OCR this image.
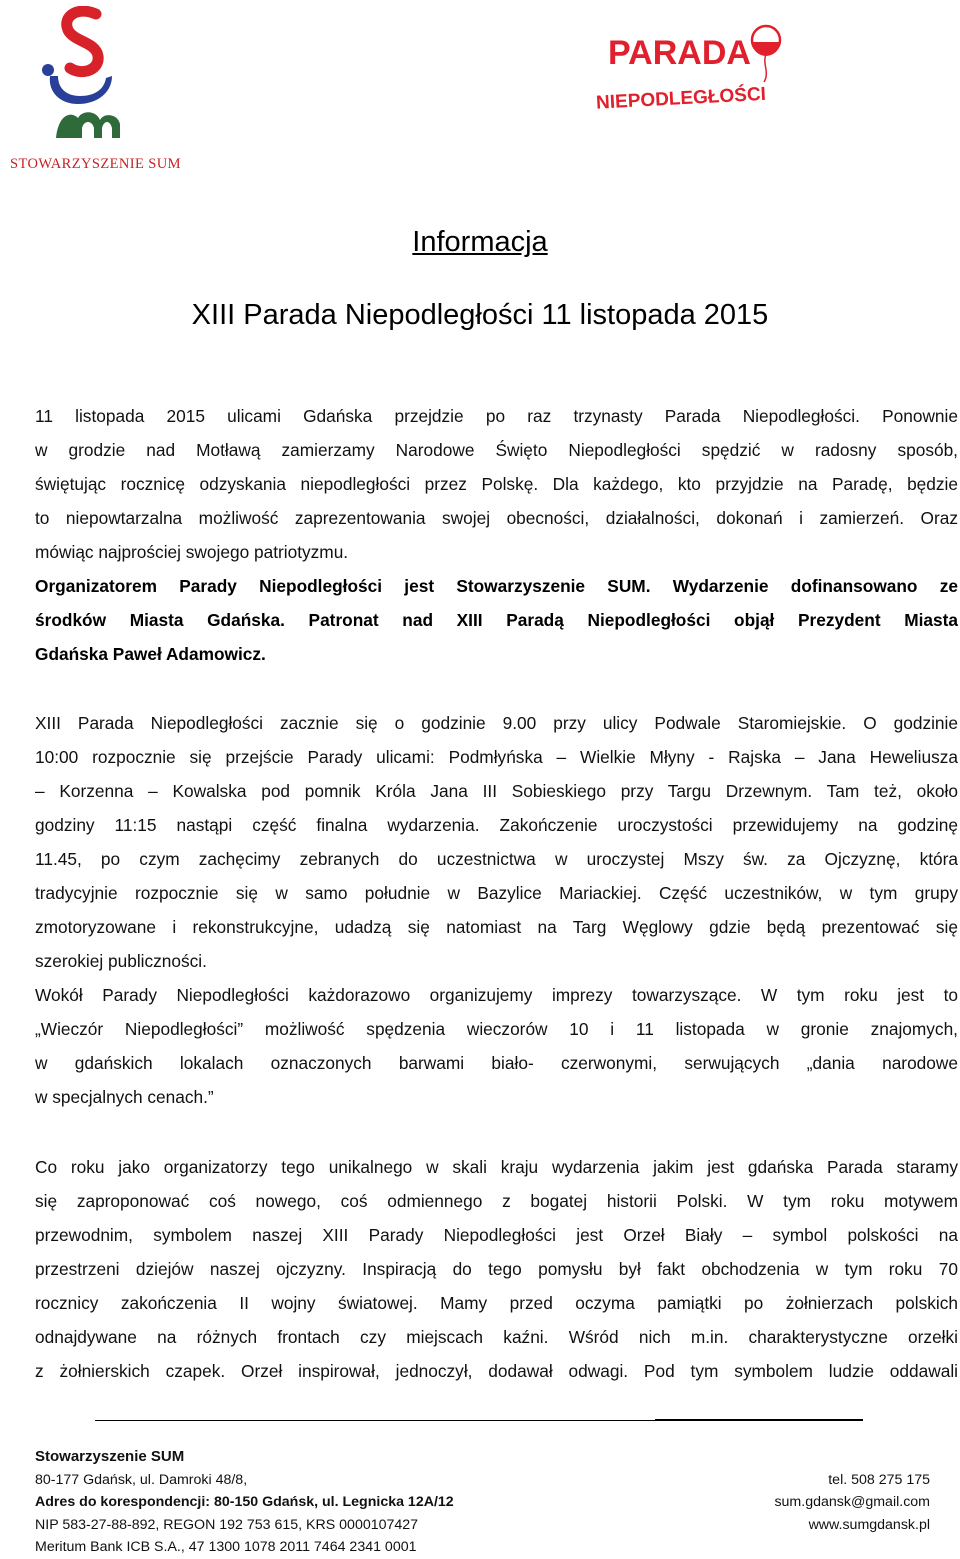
STOWARZYSZENIE SUM
PARADA
NIEPODLEGŁOŚCI
Informacja
XIII Parada Niepodległości 11 listopada 2015
11 listopada 2015 ulicami Gdańska przejdzie po raz trzynasty Parada Niepodległości. Ponownie
w grodzie nad Motławą zamierzamy Narodowe Święto Niepodległości spędzić w radosny sposób,
świętując rocznicę odzyskania niepodległości przez Polskę. Dla każdego, kto przyjdzie na Paradę, będzie
to niepowtarzalna możliwość zaprezentowania swojej obecności, działalności, dokonań i zamierzeń. Oraz
mówiąc najprościej swojego patriotyzmu.
Organizatorem Parady Niepodległości jest Stowarzyszenie SUM. Wydarzenie dofinansowano ze
środków Miasta Gdańska. Patronat nad XIII Paradą Niepodległości objął Prezydent Miasta
Gdańska Paweł Adamowicz.
XIII Parada Niepodległości zacznie się o godzinie 9.00 przy ulicy Podwale Staromiejskie. O godzinie
10:00 rozpocznie się przejście Parady ulicami: Podmłyńska – Wielkie Młyny - Rajska – Jana Heweliusza
– Korzenna – Kowalska pod pomnik Króla Jana III Sobieskiego przy Targu Drzewnym. Tam też, około
godziny 11:15 nastąpi część finalna wydarzenia. Zakończenie uroczystości przewidujemy na godzinę
11.45, po czym zachęcimy zebranych do uczestnictwa w uroczystej Mszy św. za Ojczyznę, która
tradycyjnie rozpocznie się w samo południe w Bazylice Mariackiej. Część uczestników, w tym grupy
zmotoryzowane i rekonstrukcyjne, udadzą się natomiast na Targ Węglowy gdzie będą prezentować się
szerokiej publiczności.
Wokół Parady Niepodległości każdorazowo organizujemy imprezy towarzyszące. W tym roku jest to
„Wieczór Niepodległości” możliwość spędzenia wieczorów 10 i 11 listopada w gronie znajomych,
w gdańskich lokalach oznaczonych barwami biało- czerwonymi, serwujących „dania narodowe
w specjalnych cenach.”
Co roku jako organizatorzy tego unikalnego w skali kraju wydarzenia jakim jest gdańska Parada staramy
się zaproponować coś nowego, coś odmiennego z bogatej historii Polski. W tym roku motywem
przewodnim, symbolem naszej XIII Parady Niepodległości jest Orzeł Biały – symbol polskości na
przestrzeni dziejów naszej ojczyzny. Inspiracją do tego pomysłu był fakt obchodzenia w tym roku 70
rocznicy zakończenia II wojny światowej. Mamy przed oczyma pamiątki po żołnierzach polskich
odnajdywane na różnych frontach czy miejscach kaźni. Wśród nich m.in. charakterystyczne orzełki
z żołnierskich czapek. Orzeł inspirował, jednoczył, dodawał odwagi. Pod tym symbolem ludzie oddawali
Stowarzyszenie SUM
80-177 Gdańsk, ul. Damroki 48/8,	tel. 508 275 175
Adres do korespondencji: 80-150 Gdańsk, ul. Legnicka 12A/12	sum.gdansk@gmail.com
NIP 583-27-88-892, REGON 192 753 615, KRS 0000107427	www.sumgdansk.pl
Meritum Bank ICB S.A., 47 1300 1078 2011 7464 2341 0001
